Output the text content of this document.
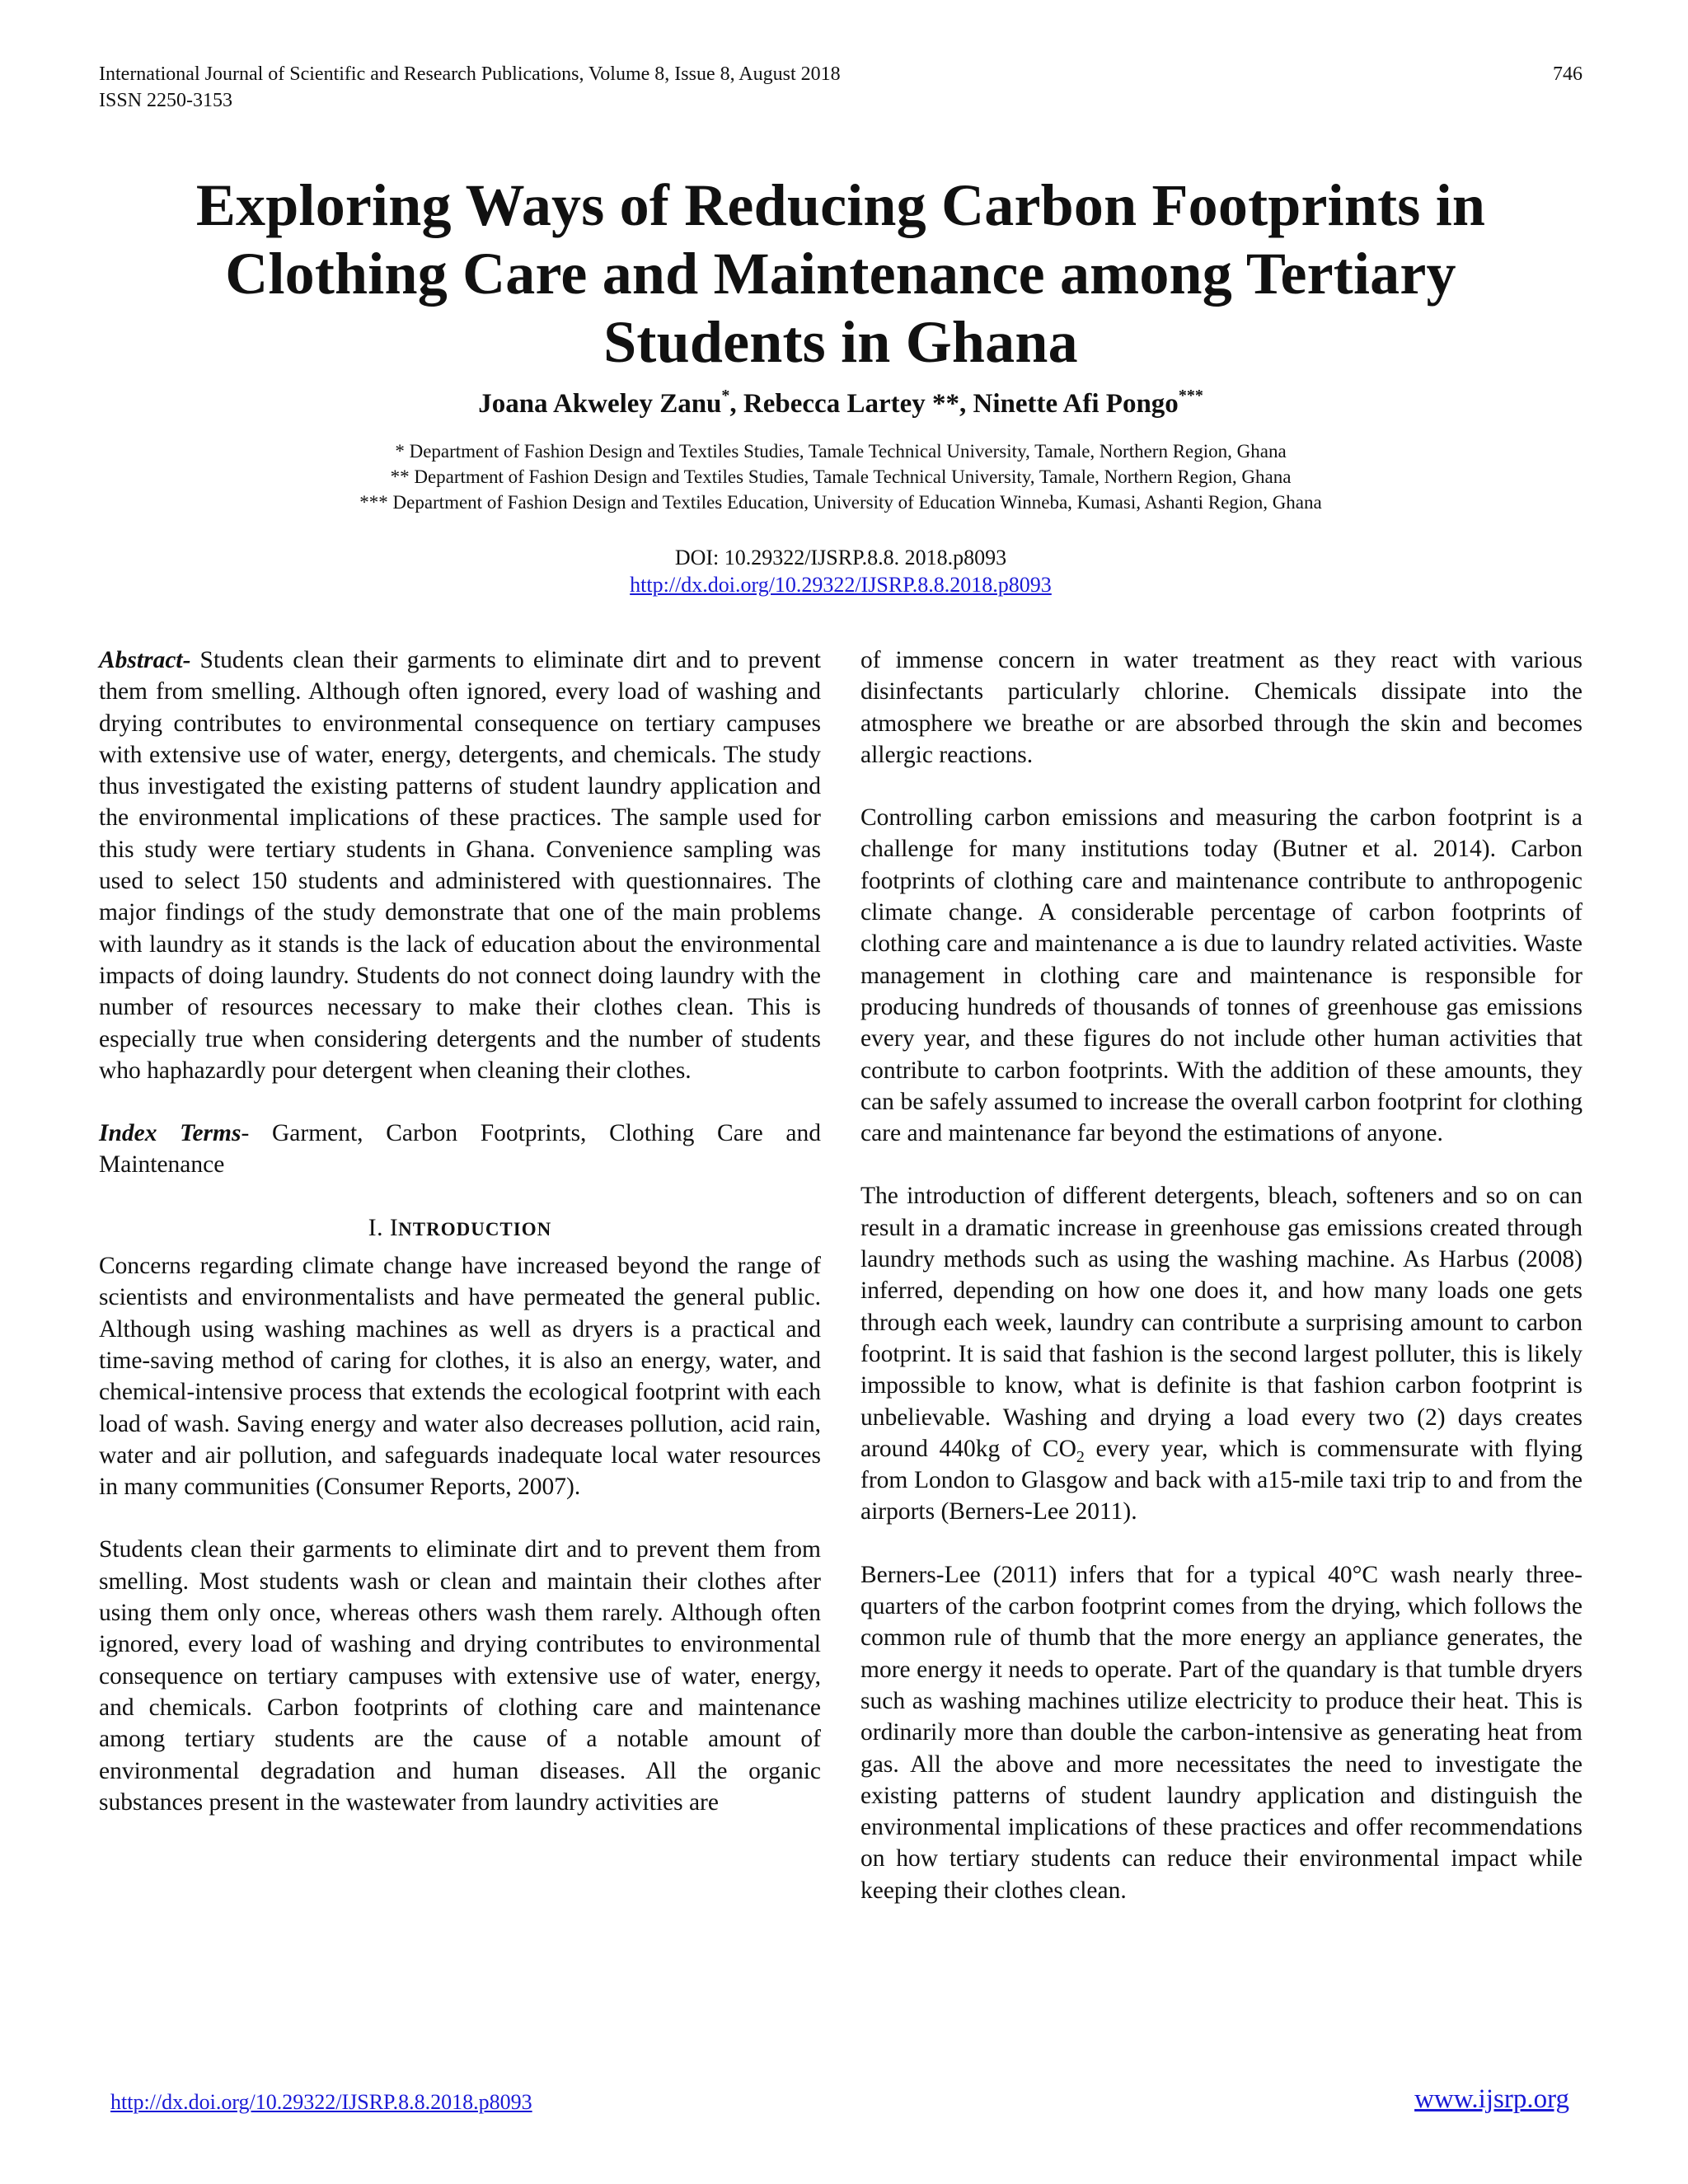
International Journal of Scientific and Research Publications, Volume 8, Issue 8, August 2018
ISSN 2250-3153
746
Exploring Ways of Reducing Carbon Footprints in Clothing Care and Maintenance among Tertiary Students in Ghana
Joana Akweley Zanu*, Rebecca Lartey **, Ninette Afi Pongo***
* Department of Fashion Design and Textiles Studies, Tamale Technical University, Tamale, Northern Region, Ghana
** Department of Fashion Design and Textiles Studies, Tamale Technical University, Tamale, Northern Region, Ghana
*** Department of Fashion Design and Textiles Education, University of Education Winneba, Kumasi, Ashanti Region, Ghana
DOI: 10.29322/IJSRP.8.8. 2018.p8093
http://dx.doi.org/10.29322/IJSRP.8.8.2018.p8093

Abstract- Students clean their garments to eliminate dirt and to prevent them from smelling. Although often ignored, every load of washing and drying contributes to environmental consequence on tertiary campuses with extensive use of water, energy, detergents, and chemicals. The study thus investigated the existing patterns of student laundry application and the environmental implications of these practices. The sample used for this study were tertiary students in Ghana. Convenience sampling was used to select 150 students and administered with questionnaires. The major findings of the study demonstrate that one of the main problems with laundry as it stands is the lack of education about the environmental impacts of doing laundry. Students do not connect doing laundry with the number of resources necessary to make their clothes clean. This is especially true when considering detergents and the number of students who haphazardly pour detergent when cleaning their clothes.

Index Terms- Garment, Carbon Footprints, Clothing Care and Maintenance

I. INTRODUCTION

Concerns regarding climate change have increased beyond the range of scientists and environmentalists and have permeated the general public. Although using washing machines as well as dryers is a practical and time-saving method of caring for clothes, it is also an energy, water, and chemical-intensive process that extends the ecological footprint with each load of wash. Saving energy and water also decreases pollution, acid rain, water and air pollution, and safeguards inadequate local water resources in many communities (Consumer Reports, 2007).

Students clean their garments to eliminate dirt and to prevent them from smelling. Most students wash or clean and maintain their clothes after using them only once, whereas others wash them rarely. Although often ignored, every load of washing and drying contributes to environmental consequence on tertiary campuses with extensive use of water, energy, and chemicals. Carbon footprints of clothing care and maintenance among tertiary students are the cause of a notable amount of environmental degradation and human diseases. All the organic substances present in the wastewater from laundry activities are

of immense concern in water treatment as they react with various disinfectants particularly chlorine. Chemicals dissipate into the atmosphere we breathe or are absorbed through the skin and becomes allergic reactions.

Controlling carbon emissions and measuring the carbon footprint is a challenge for many institutions today (Butner et al. 2014). Carbon footprints of clothing care and maintenance contribute to anthropogenic climate change. A considerable percentage of carbon footprints of clothing care and maintenance a is due to laundry related activities. Waste management in clothing care and maintenance is responsible for producing hundreds of thousands of tonnes of greenhouse gas emissions every year, and these figures do not include other human activities that contribute to carbon footprints. With the addition of these amounts, they can be safely assumed to increase the overall carbon footprint for clothing care and maintenance far beyond the estimations of anyone.

The introduction of different detergents, bleach, softeners and so on can result in a dramatic increase in greenhouse gas emissions created through laundry methods such as using the washing machine. As Harbus (2008) inferred, depending on how one does it, and how many loads one gets through each week, laundry can contribute a surprising amount to carbon footprint. It is said that fashion is the second largest polluter, this is likely impossible to know, what is definite is that fashion carbon footprint is unbelievable. Washing and drying a load every two (2) days creates around 440kg of $CO_2$ every year, which is commensurate with flying from London to Glasgow and back with a15-mile taxi trip to and from the airports (Berners-Lee 2011).

Berners-Lee (2011) infers that for a typical 40°C wash nearly three-quarters of the carbon footprint comes from the drying, which follows the common rule of thumb that the more energy an appliance generates, the more energy it needs to operate. Part of the quandary is that tumble dryers such as washing machines utilize electricity to produce their heat. This is ordinarily more than double the carbon-intensive as generating heat from gas. All the above and more necessitates the need to investigate the existing patterns of student laundry application and distinguish the environmental implications of these practices and offer recommendations on how tertiary students can reduce their environmental impact while keeping their clothes clean.

http://dx.doi.org/10.29322/IJSRP.8.8.2018.p8093	www.ijsrp.org
